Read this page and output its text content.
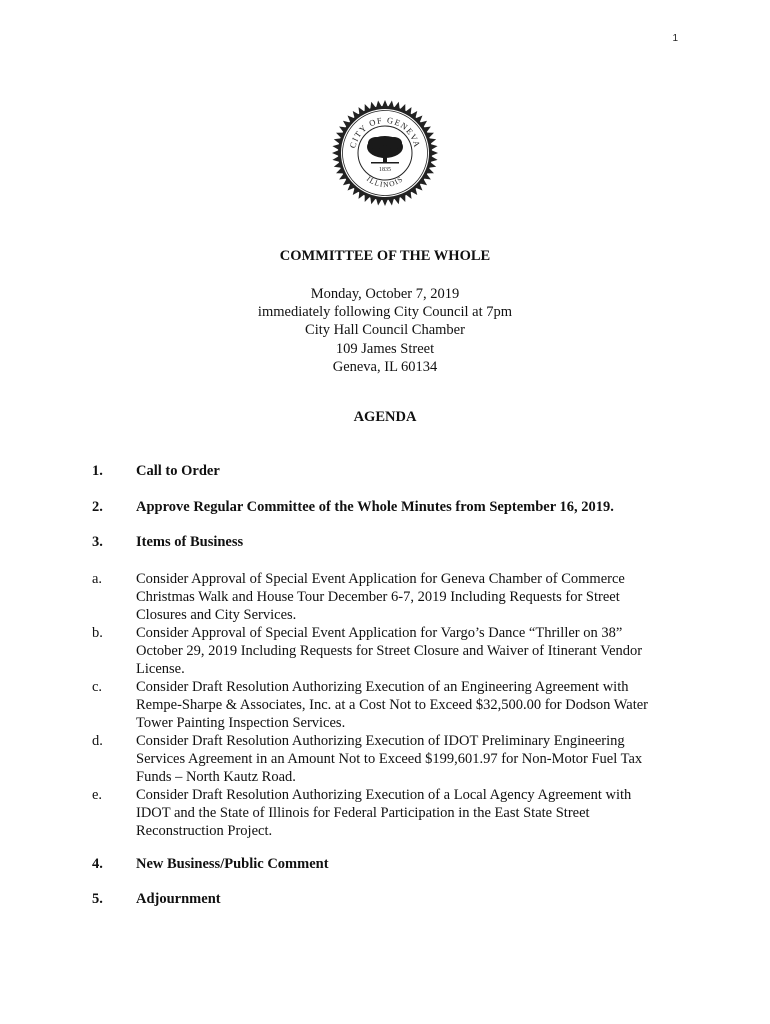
1
CITY OF GENEVA
ILLINOIS
1835
COMMITTEE OF THE WHOLE
Monday, October 7, 2019
immediately following City Council at 7pm
City Hall Council Chamber
109 James Street
Geneva, IL 60134
AGENDA
1.	Call to Order
2.	Approve Regular Committee of the Whole Minutes from September 16, 2019.
3.	Items of Business
a. Consider Approval of Special Event Application for Geneva Chamber of Commerce
Christmas Walk and House Tour December 6-7, 2019 Including Requests for Street
Closures and City Services.
b. Consider Approval of Special Event Application for Vargo’s Dance “Thriller on 38”
October 29, 2019 Including Requests for Street Closure and Waiver of Itinerant Vendor
License.
c. Consider Draft Resolution Authorizing Execution of an Engineering Agreement with
Rempe-Sharpe & Associates, Inc. at a Cost Not to Exceed $32,500.00 for Dodson Water
Tower Painting Inspection Services.
d. Consider Draft Resolution Authorizing Execution of IDOT Preliminary Engineering
Services Agreement in an Amount Not to Exceed $199,601.97 for Non-Motor Fuel Tax
Funds – North Kautz Road.
e. Consider Draft Resolution Authorizing Execution of a Local Agency Agreement with
IDOT and the State of Illinois for Federal Participation in the East State Street
Reconstruction Project.
4.	New Business/Public Comment
5.	Adjournment
